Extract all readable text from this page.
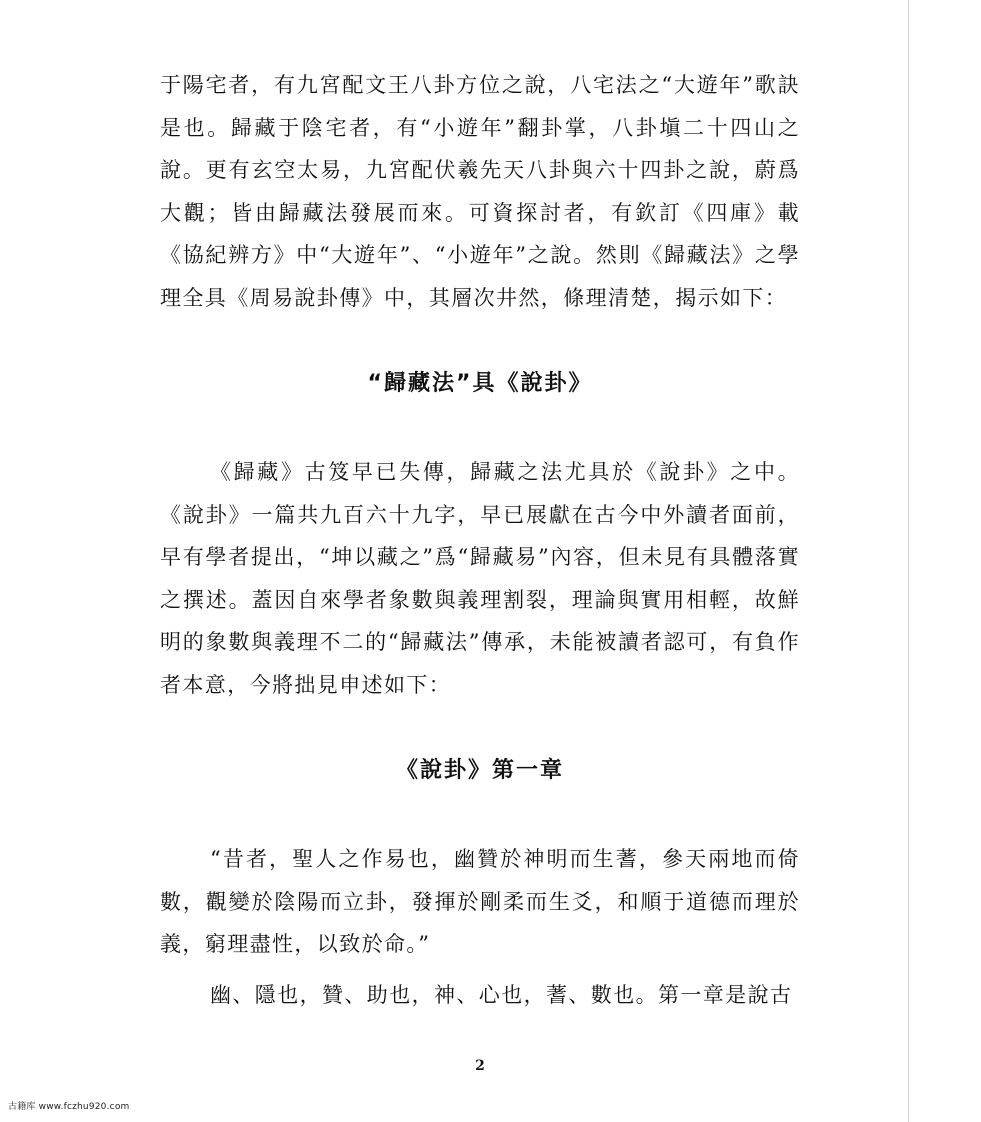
于陽宅者，有九宮配文王八卦方位之說，八宅法之“大遊年”歌訣是也。歸藏于陰宅者，有“小遊年”翻卦掌，八卦塡二十四山之說。更有玄空太易，九宮配伏羲先天八卦與六十四卦之說，蔚爲大觀；皆由歸藏法發展而來。可資探討者，有欽訂《四庫》載《協紀辨方》中“大遊年”、“小遊年”之說。然則《歸藏法》之學理全具《周易說卦傳》中，其層次井然，條理清楚，揭示如下：

“歸藏法”具《說卦》

《歸藏》古笈早已失傳，歸藏之法尤具於《說卦》之中。《說卦》一篇共九百六十九字，早已展獻在古今中外讀者面前，早有學者提出，“坤以藏之”爲“歸藏易”內容，但未見有具體落實之撰述。蓋因自來學者象數與義理割裂，理論與實用相輕，故鮮明的象數與義理不二的“歸藏法”傳承，未能被讀者認可，有負作者本意，今將拙見申述如下：

《說卦》第一章

“昔者，聖人之作易也，幽贊於神明而生蓍，參天兩地而倚數，觀變於陰陽而立卦，發揮於剛柔而生爻，和順于道德而理於義，窮理盡性，以致於命。”

幽、隱也，贊、助也，神、心也，蓍、數也。第一章是說古

2
古籍库 www.fczhu920.com
